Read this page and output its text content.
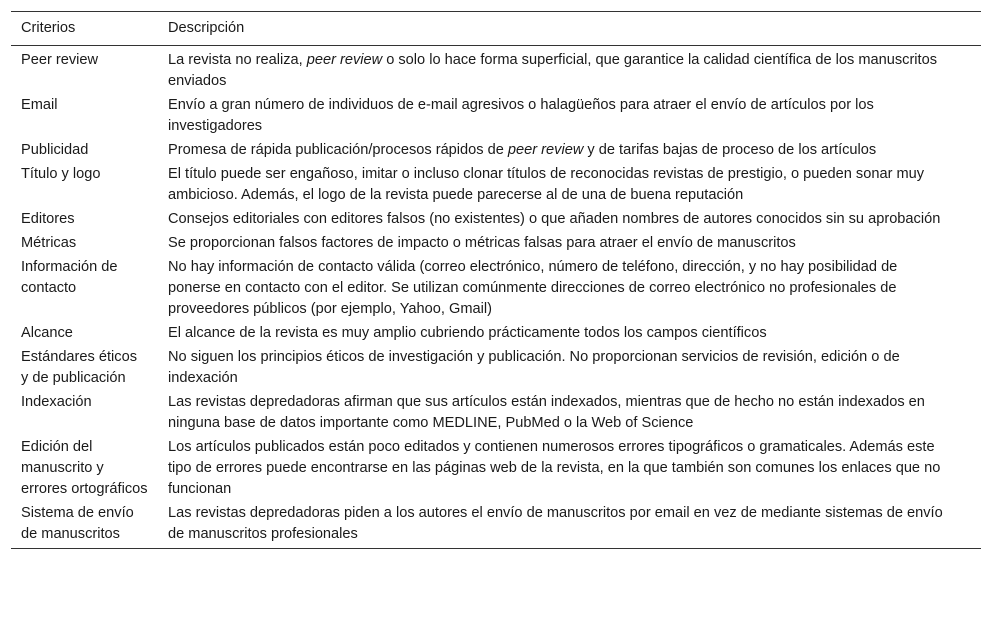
Criterios	Descripción
Peer review	La revista no realiza, peer review o solo lo hace forma superficial, que garantice la calidad científica de los manuscritos enviados
Email	Envío a gran número de individuos de e-mail agresivos o halagüeños para atraer el envío de artículos por los investigadores
Publicidad	Promesa de rápida publicación/procesos rápidos de peer review y de tarifas bajas de proceso de los artículos
Título y logo	El título puede ser engañoso, imitar o incluso clonar títulos de reconocidas revistas de prestigio, o pueden sonar muy ambicioso. Además, el logo de la revista puede parecerse al de una de buena reputación
Editores	Consejos editoriales con editores falsos (no existentes) o que añaden nombres de autores conocidos sin su aprobación
Métricas	Se proporcionan falsos factores de impacto o métricas falsas para atraer el envío de manuscritos
Información de contacto	No hay información de contacto válida (correo electrónico, número de teléfono, dirección, y no hay posibilidad de ponerse en contacto con el editor. Se utilizan comúnmente direcciones de correo electrónico no profesionales de proveedores públicos (por ejemplo, Yahoo, Gmail)
Alcance	El alcance de la revista es muy amplio cubriendo prácticamente todos los campos científicos
Estándares éticos y de publicación	No siguen los principios éticos de investigación y publicación. No proporcionan servicios de revisión, edición o de indexación
Indexación	Las revistas depredadoras afirman que sus artículos están indexados, mientras que de hecho no están indexados en ninguna base de datos importante como MEDLINE, PubMed o la Web of Science
Edición del manuscrito y errores ortográficos	Los artículos publicados están poco editados y contienen numerosos errores tipográficos o gramaticales. Además este tipo de errores puede encontrarse en las páginas web de la revista, en la que también son comunes los enlaces que no funcionan
Sistema de envío de manuscritos	Las revistas depredadoras piden a los autores el envío de manuscritos por email en vez de mediante sistemas de envío de manuscritos profesionales
